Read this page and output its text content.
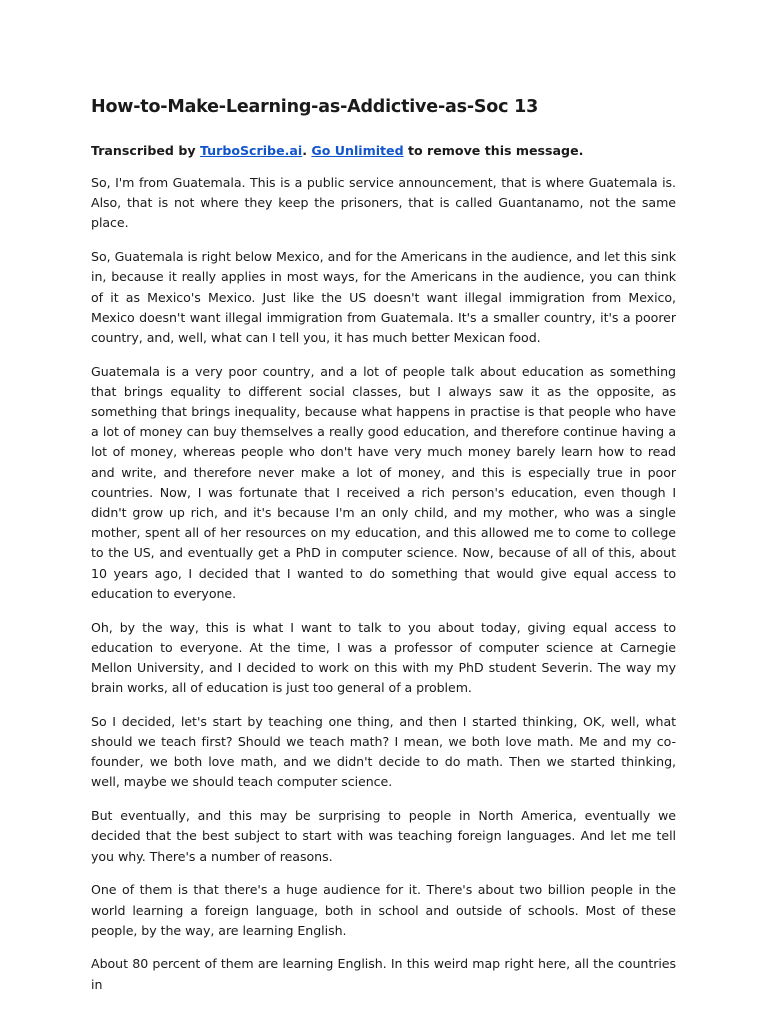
How-to-Make-Learning-as-Addictive-as-Soc 13

Transcribed by TurboScribe.ai. Go Unlimited to remove this message.

So, I'm from Guatemala. This is a public service announcement, that is where Guatemala is. Also, that is not where they keep the prisoners, that is called Guantanamo, not the same place.

So, Guatemala is right below Mexico, and for the Americans in the audience, and let this sink in, because it really applies in most ways, for the Americans in the audience, you can think of it as Mexico's Mexico. Just like the US doesn't want illegal immigration from Mexico, Mexico doesn't want illegal immigration from Guatemala. It's a smaller country, it's a poorer country, and, well, what can I tell you, it has much better Mexican food.

Guatemala is a very poor country, and a lot of people talk about education as something that brings equality to different social classes, but I always saw it as the opposite, as something that brings inequality, because what happens in practise is that people who have a lot of money can buy themselves a really good education, and therefore continue having a lot of money, whereas people who don't have very much money barely learn how to read and write, and therefore never make a lot of money, and this is especially true in poor countries. Now, I was fortunate that I received a rich person's education, even though I didn't grow up rich, and it's because I'm an only child, and my mother, who was a single mother, spent all of her resources on my education, and this allowed me to come to college to the US, and eventually get a PhD in computer science. Now, because of all of this, about 10 years ago, I decided that I wanted to do something that would give equal access to education to everyone.

Oh, by the way, this is what I want to talk to you about today, giving equal access to education to everyone. At the time, I was a professor of computer science at Carnegie Mellon University, and I decided to work on this with my PhD student Severin. The way my brain works, all of education is just too general of a problem.

So I decided, let's start by teaching one thing, and then I started thinking, OK, well, what should we teach first? Should we teach math? I mean, we both love math. Me and my co-founder, we both love math, and we didn't decide to do math. Then we started thinking, well, maybe we should teach computer science.

But eventually, and this may be surprising to people in North America, eventually we decided that the best subject to start with was teaching foreign languages. And let me tell you why. There's a number of reasons.

One of them is that there's a huge audience for it. There's about two billion people in the world learning a foreign language, both in school and outside of schools. Most of these people, by the way, are learning English.

About 80 percent of them are learning English. In this weird map right here, all the countries in
